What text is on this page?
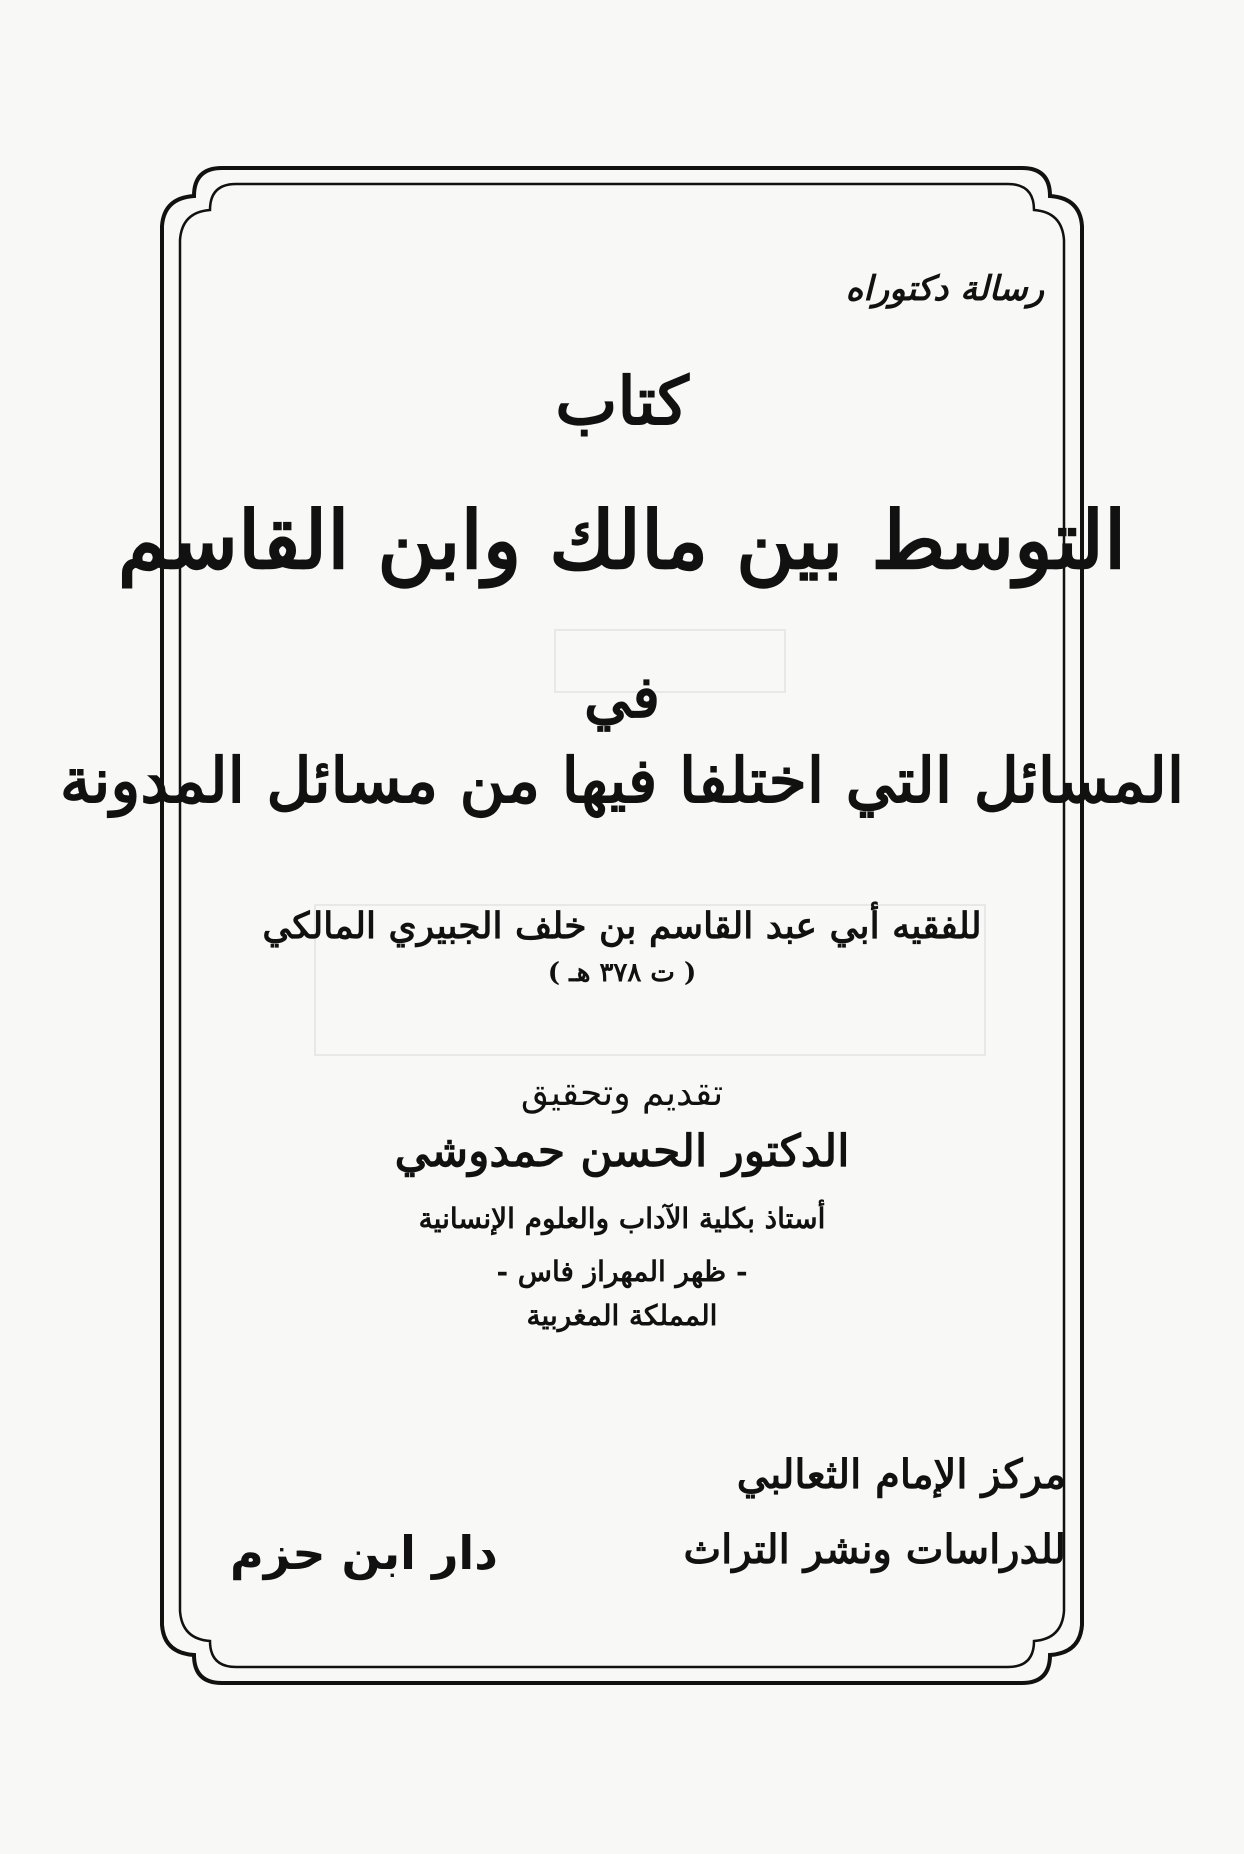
رسالة دكتوراه
كتاب
التوسط بين مالك وابن القاسم
في
المسائل التي اختلفا فيها من مسائل المدونة
للفقيه أبي عبد القاسم بن خلف الجبيري المالكي
( ت ٣٧٨ هـ )
تقديم وتحقيق
الدكتور الحسن حمدوشي
أستاذ بكلية الآداب والعلوم الإنسانية
- ظهر المهراز فاس -
المملكة المغربية
مركز الإمام الثعالبي
للدراسات ونشر التراث
دار ابن حزم
